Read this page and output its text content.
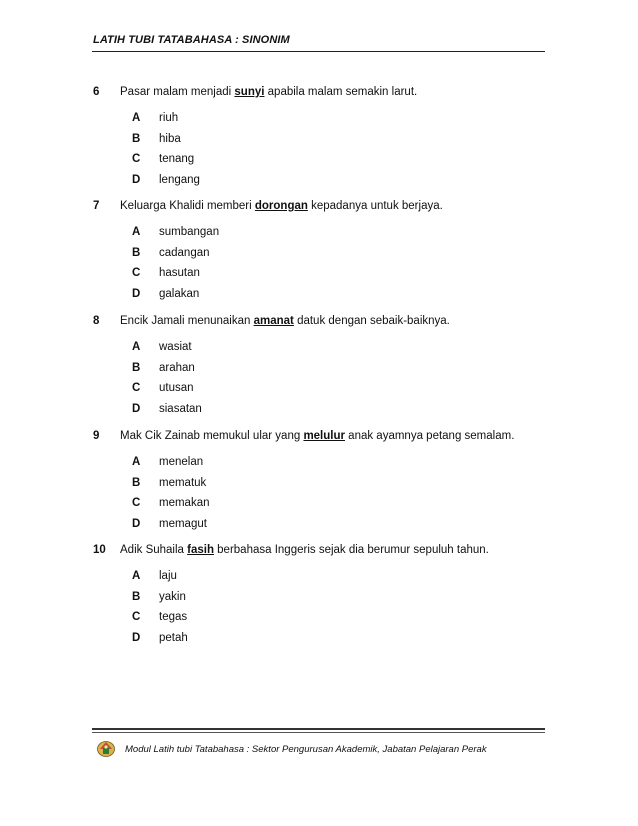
LATIH TUBI TATABAHASA : SINONIM
6 Pasar malam menjadi sunyi apabila malam semakin larut.
A riuh
B hiba
C tenang
D lengang
7 Keluarga Khalidi memberi dorongan kepadanya untuk berjaya.
A sumbangan
B cadangan
C hasutan
D galakan
8 Encik Jamali menunaikan amanat datuk dengan sebaik-baiknya.
A wasiat
B arahan
C utusan
D siasatan
9 Mak Cik Zainab memukul ular yang melulur anak ayamnya petang semalam.
A menelan
B mematuk
C memakan
D memagut
10 Adik Suhaila fasih berbahasa Inggeris sejak dia berumur sepuluh tahun.
A laju
B yakin
C tegas
D petah
Modul Latih tubi Tatabahasa : Sektor Pengurusan Akademik, Jabatan Pelajaran Perak
